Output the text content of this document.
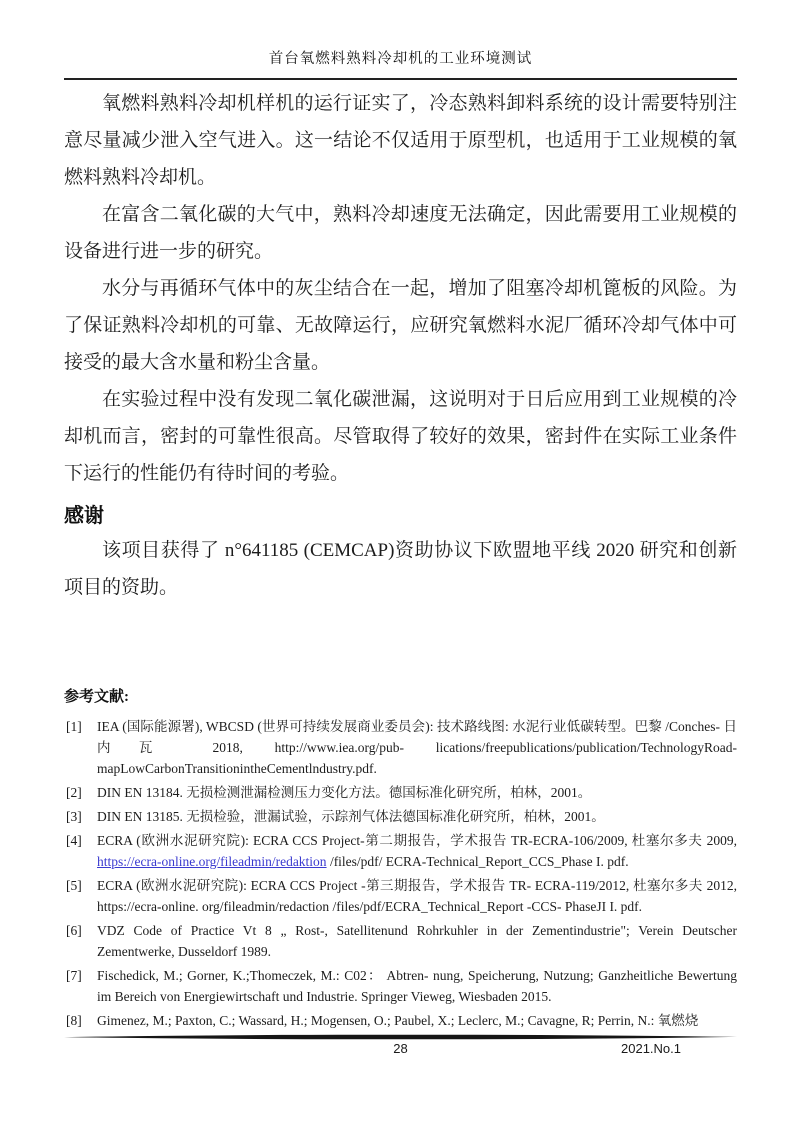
首台氧燃料熟料冷却机的工业环境测试

氧燃料熟料冷却机样机的运行证实了，冷态熟料卸料系统的设计需要特别注意尽量减少泄入空气进入。这一结论不仅适用于原型机，也适用于工业规模的氧燃料熟料冷却机。

在富含二氧化碳的大气中，熟料冷却速度无法确定，因此需要用工业规模的设备进行进一步的研究。

水分与再循环气体中的灰尘结合在一起，增加了阻塞冷却机篦板的风险。为了保证熟料冷却机的可靠、无故障运行，应研究氧燃料水泥厂循环冷却气体中可接受的最大含水量和粉尘含量。

在实验过程中没有发现二氧化碳泄漏，这说明对于日后应用到工业规模的冷却机而言，密封的可靠性很高。尽管取得了较好的效果，密封件在实际工业条件下运行的性能仍有待时间的考验。

感谢

该项目获得了 n°641185 (CEMCAP)资助协议下欧盟地平线 2020 研究和创新项目的资助。

参考文献:
[1] IEA (国际能源署), WBCSD (世界可持续发展商业委员会): 技术路线图: 水泥行业低碳转型。巴黎 /Conches- 日内瓦 2018, http://www.iea.org/pub- lications/freepublications/publication/TechnologyRoad-mapLowCarbonTransitionintheCementlndustry.pdf.
[2] DIN EN 13184. 无损检测泄漏检测压力变化方法。德国标准化研究所，柏林，2001。
[3] DIN EN 13185. 无损检验，泄漏试验，示踪剂气体法德国标准化研究所，柏林，2001。
[4] ECRA (欧洲水泥研究院): ECRA CCS Project-第二期报告，学术报告 TR-ECRA-106/2009, 杜塞尔多夫 2009, https://ecra-online.org/fileadmin/redaktion /files/pdf/ ECRA-Technical_Report_CCS_Phase I. pdf.
[5] ECRA (欧洲水泥研究院): ECRA CCS Project -第三期报告，学术报告 TR- ECRA-119/2012, 杜塞尔多夫 2012, https://ecra-online. org/fileadmin/redaction /files/pdf/ECRA_Technical_Report -CCS- PhaseJI I. pdf.
[6] VDZ Code of Practice Vt 8 „ Rost-, Satellitenund Rohrkuhler in der Zementindustrie"; Verein Deutscher Zementwerke, Dusseldorf 1989.
[7] Fischedick, M.; Gorner, K.;Thomeczek, M.: C02： Abtren- nung, Speicherung, Nutzung; Ganzheitliche Bewertung im Bereich von Energiewirtschaft und Industrie. Springer Vieweg, Wiesbaden 2015.
[8] Gimenez, M.; Paxton, C.; Wassard, H.; Mogensen, O.; Paubel, X.; Leclerc, M.; Cavagne, R; Perrin, N.: 氧燃烧
28	2021.No.1
